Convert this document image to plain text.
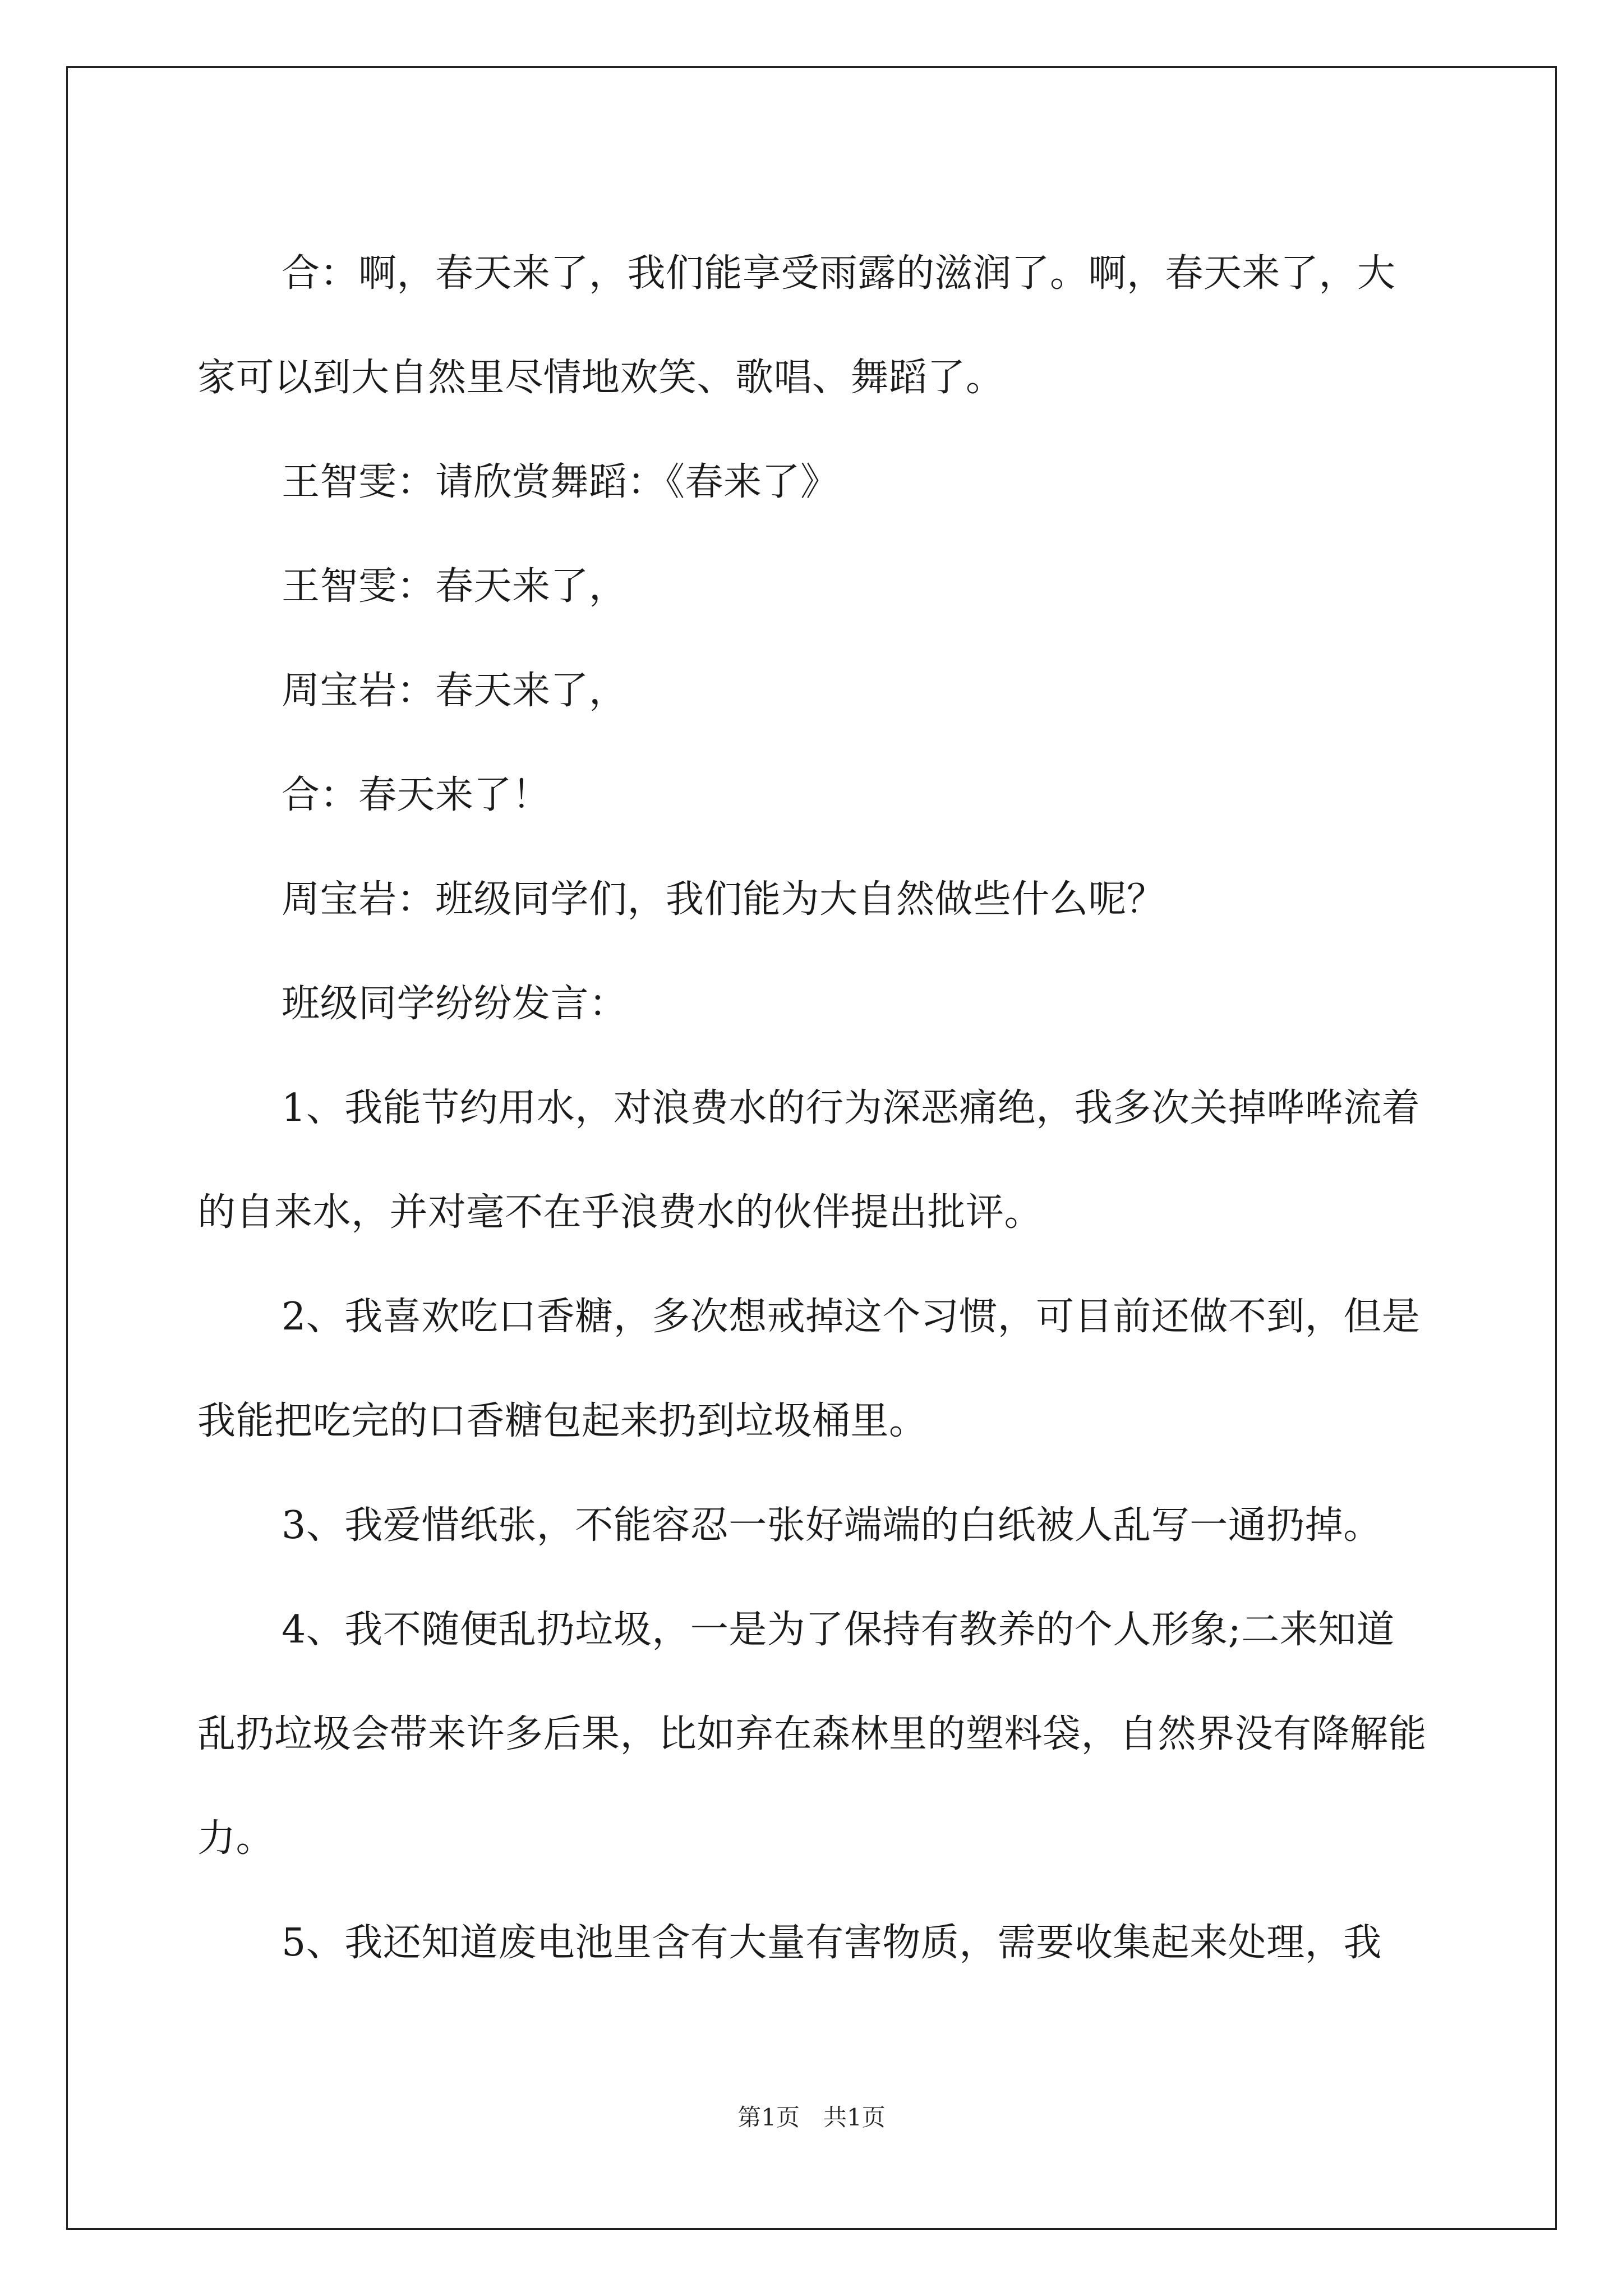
合：啊，春天来了，我们能享受雨露的滋润了。啊，春天来了，大家可以到大自然里尽情地欢笑、歌唱、舞蹈了。

王智雯：请欣赏舞蹈：《春来了》

王智雯：春天来了，

周宝岩：春天来了，

合：春天来了！

周宝岩：班级同学们，我们能为大自然做些什么呢？

班级同学纷纷发言：

1、我能节约用水，对浪费水的行为深恶痛绝，我多次关掉哗哗流着的自来水，并对毫不在乎浪费水的伙伴提出批评。

2、我喜欢吃口香糖，多次想戒掉这个习惯，可目前还做不到，但是我能把吃完的口香糖包起来扔到垃圾桶里。

3、我爱惜纸张，不能容忍一张好端端的白纸被人乱写一通扔掉。

4、我不随便乱扔垃圾，一是为了保持有教养的个人形象;二来知道乱扔垃圾会带来许多后果，比如弃在森林里的塑料袋，自然界没有降解能力。

5、我还知道废电池里含有大量有害物质，需要收集起来处理，我

第1页　共1页
